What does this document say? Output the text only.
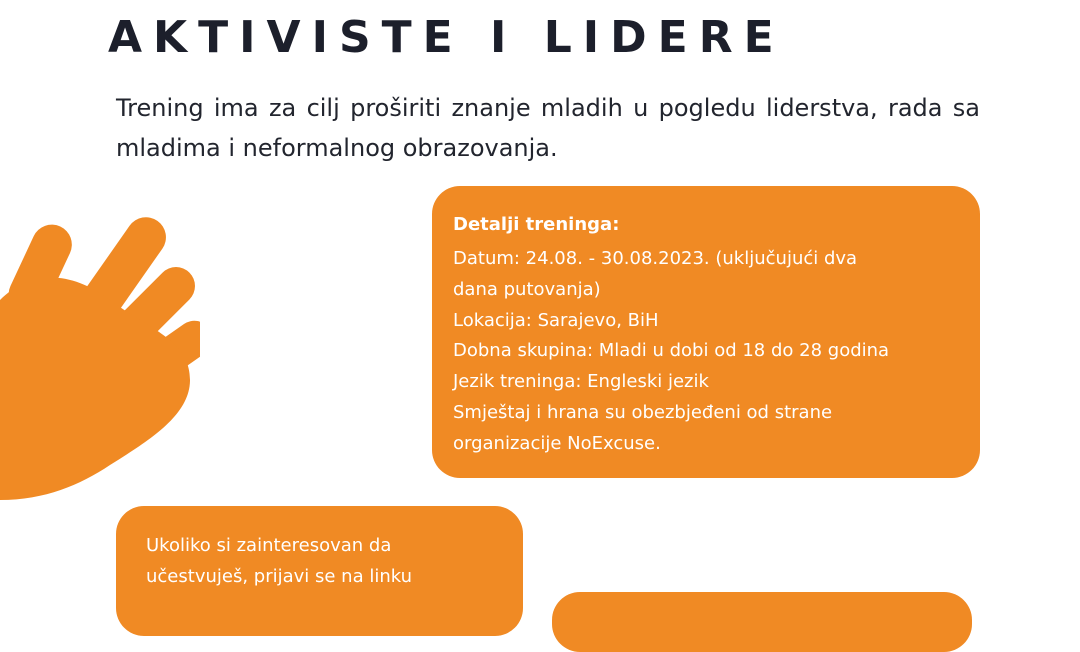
AKTIVISTE I LIDERE

Trening ima za cilj proširiti znanje mladih u pogledu liderstva, rada sa mladima i neformalnog obrazovanja.

Detalji treninga:
Datum: 24.08. - 30.08.2023. (uključujući dva
dana putovanja)
Lokacija: Sarajevo, BiH
Dobna skupina: Mladi u dobi od 18 do 28 godina
Jezik treninga: Engleski jezik
Smještaj i hrana su obezbjeđeni od strane
organizacije NoExcuse.
Ukoliko si zainteresovan da
učestvuješ, prijavi se na linku
